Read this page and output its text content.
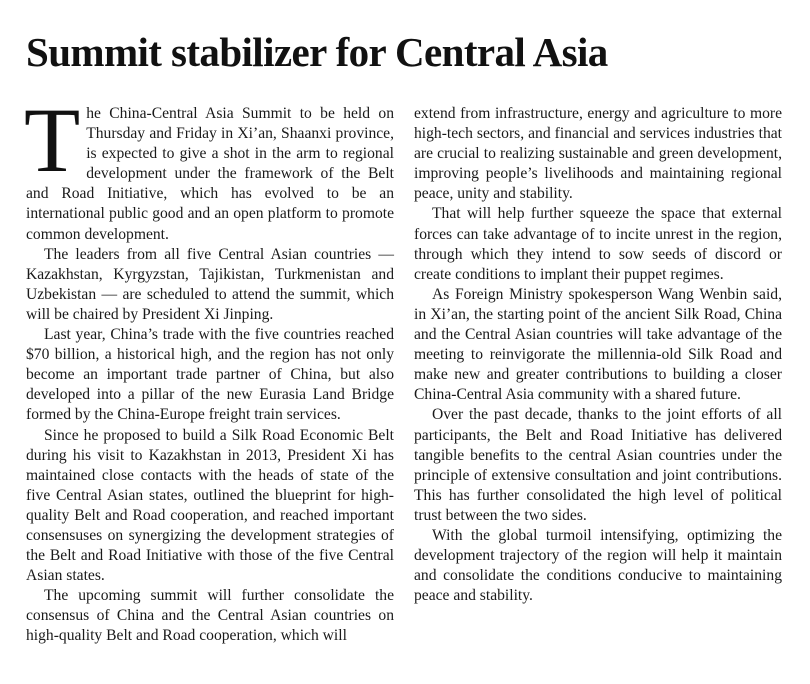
Summit stabilizer for Central Asia

The China-Central Asia Summit to be held on Thursday and Friday in Xi’an, Shaanxi province, is expected to give a shot in the arm to regional development under the framework of the Belt and Road Initiative, which has evolved to be an international public good and an open platform to promote common development.

The leaders from all five Central Asian countries — Kazakhstan, Kyrgyzstan, Tajikistan, Turkmenistan and Uzbekistan — are scheduled to attend the summit, which will be chaired by President Xi Jinping.

Last year, China’s trade with the five countries reached $70 billion, a historical high, and the region has not only become an important trade partner of China, but also developed into a pillar of the new Eurasia Land Bridge formed by the China-Europe freight train services.

Since he proposed to build a Silk Road Economic Belt during his visit to Kazakhstan in 2013, President Xi has maintained close contacts with the heads of state of the five Central Asian states, outlined the blueprint for high-quality Belt and Road cooperation, and reached important consensuses on synergizing the development strategies of the Belt and Road Initiative with those of the five Central Asian states.

The upcoming summit will further consolidate the consensus of China and the Central Asian countries on high-quality Belt and Road cooperation, which will

extend from infrastructure, energy and agriculture to more high-tech sectors, and financial and services industries that are crucial to realizing sustainable and green development, improving people’s livelihoods and maintaining regional peace, unity and stability.

That will help further squeeze the space that external forces can take advantage of to incite unrest in the region, through which they intend to sow seeds of discord or create conditions to implant their puppet regimes.

As Foreign Ministry spokesperson Wang Wenbin said, in Xi’an, the starting point of the ancient Silk Road, China and the Central Asian countries will take advantage of the meeting to reinvigorate the millennia-old Silk Road and make new and greater contributions to building a closer China-Central Asia community with a shared future.

Over the past decade, thanks to the joint efforts of all participants, the Belt and Road Initiative has delivered tangible benefits to the central Asian countries under the principle of extensive consultation and joint contributions. This has further consolidated the high level of political trust between the two sides.

With the global turmoil intensifying, optimizing the development trajectory of the region will help it maintain and consolidate the conditions conducive to maintaining peace and stability.
